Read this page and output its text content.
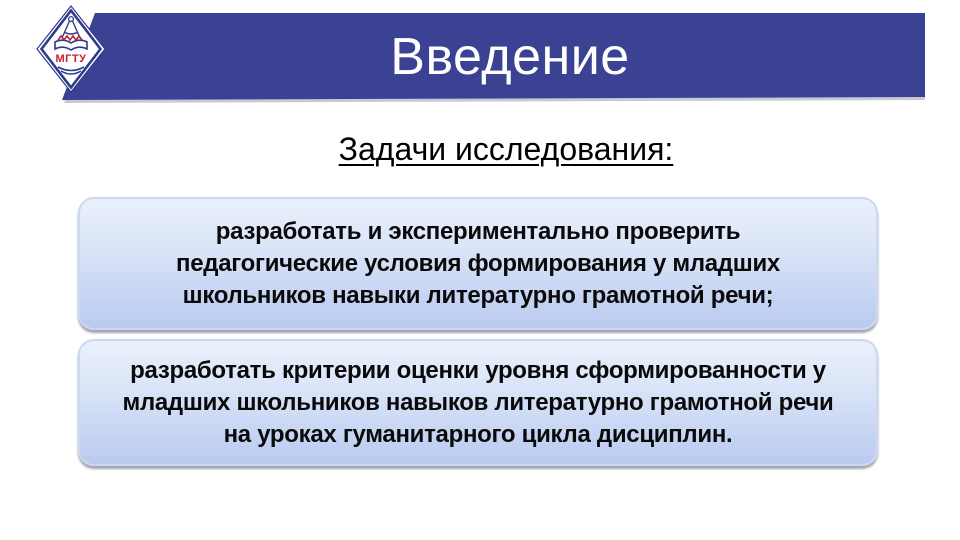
Введение
МГТУ
Задачи исследования:
разработать и экспериментально проверить
педагогические условия формирования у младших
школьников навыки литературно грамотной речи;
разработать критерии оценки уровня сформированности у
младших школьников навыков литературно грамотной речи
на уроках гуманитарного цикла дисциплин.
